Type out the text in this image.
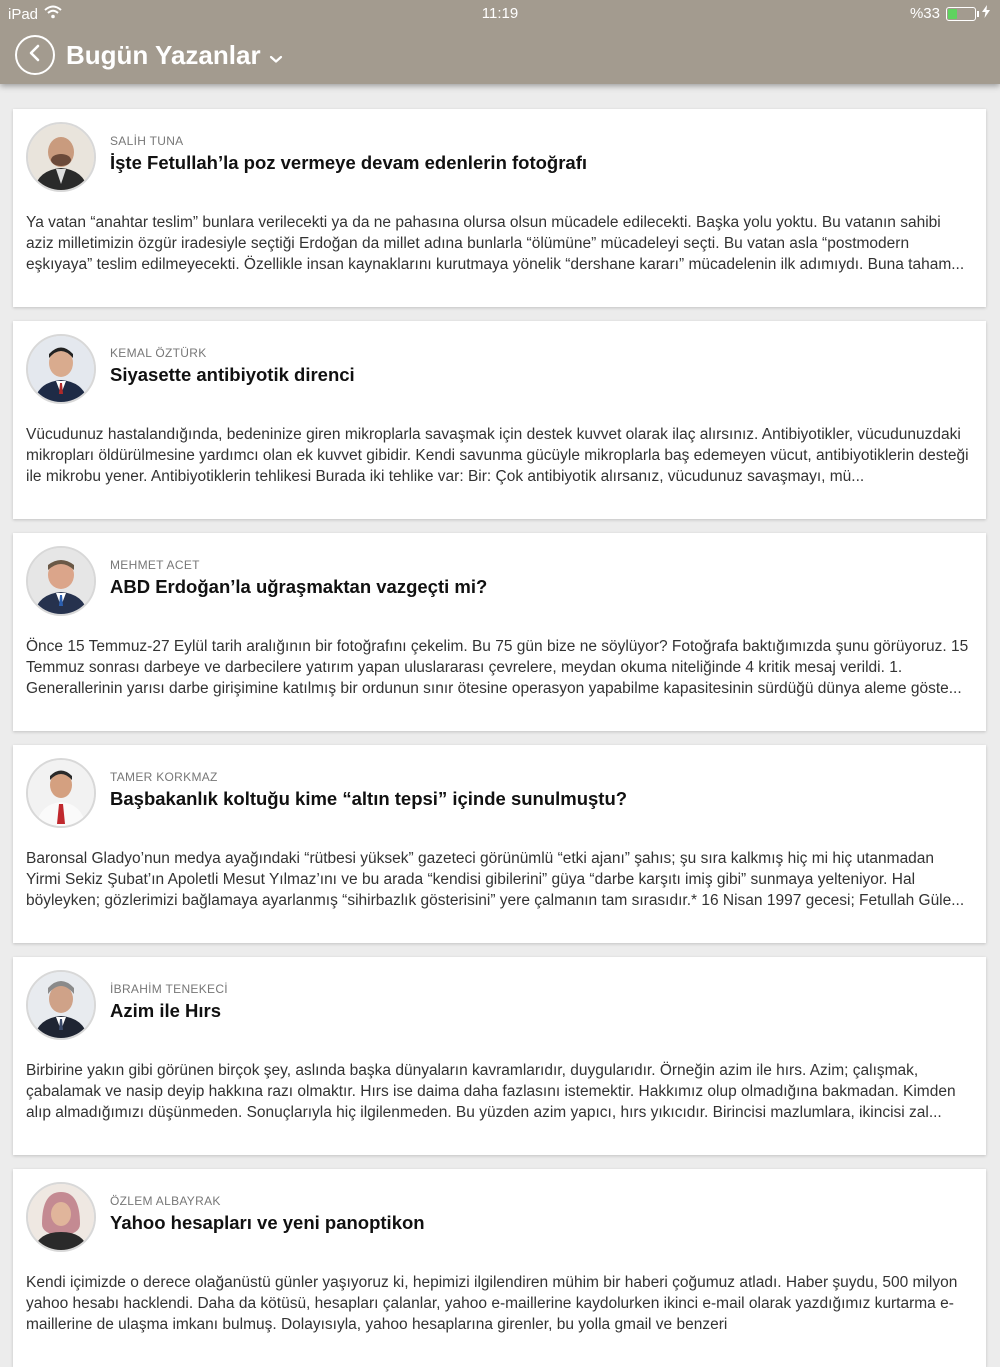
iPad	11:19	%33
Bugün Yazanlar
SALİH TUNA
İşte Fetullah’la poz vermeye devam edenlerin fotoğrafı
Ya vatan “anahtar teslim” bunlara verilecekti ya da ne pahasına olursa olsun mücadele edilecekti. Başka yolu yoktu. Bu vatanın sahibi aziz milletimizin özgür iradesiyle seçtiği Erdoğan da millet adına bunlarla “ölümüne” mücadeleyi seçti. Bu vatan asla “postmodern eşkıyaya” teslim edilmeyecekti. Özellikle insan kaynaklarını kurutmaya yönelik “dershane kararı” mücadelenin ilk adımıydı. Buna taham...
KEMAL ÖZTÜRK
Siyasette antibiyotik direnci
Vücudunuz hastalandığında, bedeninize giren mikroplarla savaşmak için destek kuvvet olarak ilaç alırsınız. Antibiyotikler, vücudunuzdaki mikropları öldürülmesine yardımcı olan ek kuvvet gibidir. Kendi savunma gücüyle mikroplarla baş edemeyen vücut, antibiyotiklerin desteği ile mikrobu yener. Antibiyotiklerin tehlikesi Burada iki tehlike var: Bir: Çok antibiyotik alırsanız, vücudunuz savaşmayı, mü...
MEHMET ACET
ABD Erdoğan’la uğraşmaktan vazgeçti mi?
Önce 15 Temmuz-27 Eylül tarih aralığının bir fotoğrafını çekelim. Bu 75 gün bize ne söylüyor? Fotoğrafa baktığımızda şunu görüyoruz. 15 Temmuz sonrası darbeye ve darbecilere yatırım yapan uluslararası çevrelere, meydan okuma niteliğinde 4 kritik mesaj verildi. 1. Generallerinin yarısı darbe girişimine katılmış bir ordunun sınır ötesine operasyon yapabilme kapasitesinin sürdüğü dünya aleme göste...
TAMER KORKMAZ
Başbakanlık koltuğu kime “altın tepsi” içinde sunulmuştu?
Baronsal Gladyo’nun medya ayağındaki “rütbesi yüksek” gazeteci görünümlü “etki ajanı” şahıs; şu sıra kalkmış hiç mi hiç utanmadan Yirmi Sekiz Şubat’ın Apoletli Mesut Yılmaz’ını ve bu arada “kendisi gibilerini” güya “darbe karşıtı imiş gibi” sunmaya yelteniyor. Hal böyleyken; gözlerimizi bağlamaya ayarlanmış “sihirbazlık gösterisini” yere çalmanın tam sırasıdır.* 16 Nisan 1997 gecesi; Fetullah Güle...
İBRAHİM TENEKECİ
Azim ile Hırs
Birbirine yakın gibi görünen birçok şey, aslında başka dünyaların kavramlarıdır, duygularıdır. Örneğin azim ile hırs. Azim; çalışmak, çabalamak ve nasip deyip hakkına razı olmaktır. Hırs ise daima daha fazlasını istemektir. Hakkımız olup olmadığına bakmadan. Kimden alıp almadığımızı düşünmeden. Sonuçlarıyla hiç ilgilenmeden. Bu yüzden azim yapıcı, hırs yıkıcıdır. Birincisi mazlumlara, ikincisi zal...
ÖZLEM ALBAYRAK
Yahoo hesapları ve yeni panoptikon
Kendi içimizde o derece olağanüstü günler yaşıyoruz ki, hepimizi ilgilendiren mühim bir haberi çoğumuz atladı. Haber şuydu, 500 milyon yahoo hesabı hacklendi. Daha da kötüsü, hesapları çalanlar, yahoo e-maillerine kaydolurken ikinci e-mail olarak yazdığımız kurtarma e-maillerine de ulaşma imkanı bulmuş. Dolayısıyla, yahoo hesaplarına girenler, bu yolla gmail ve benzeri
